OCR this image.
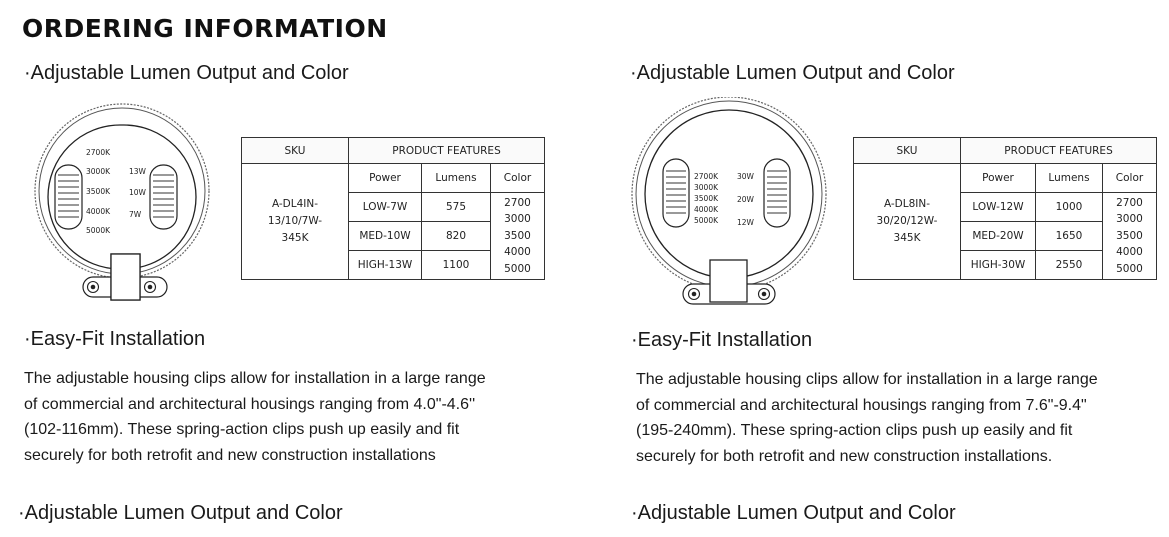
ORDERING INFORMATION
·Adjustable Lumen Output and Color
2700K
3000K
3500K
4000K
5000K
13W
10W
7W
SKU	PRODUCT FEATURES		

A-DL4IN-
13/10/7W-
345K	Power	Lumens	Color
	LOW-7W	575	2700
3000
3500
4000
5000

	MED-10W	820	
	HIGH-13W	1100	
·Easy-Fit Installation
The adjustable housing clips allow for installation in a large range
of commercial and architectural housings ranging from 4.0"-4.6''
(102-116mm). These spring-action clips push up easily and fit
securely for both retrofit and new construction installations
·Adjustable Lumen Output and Color
·Adjustable Lumen Output and Color
2700K
3000K
3500K
4000K
5000K
30W
20W
12W
SKU	PRODUCT FEATURES		

A-DL8IN-
30/20/12W-
345K	Power	Lumens	Color
	LOW-12W	1000	2700
3000
3500
4000
5000

	MED-20W	1650	
	HIGH-30W	2550	
·Easy-Fit Installation
The adjustable housing clips allow for installation in a large range
of commercial and architectural housings ranging from 7.6"-9.4"
(195-240mm). These spring-action clips push up easily and fit
securely for both retrofit and new construction installations.
·Adjustable Lumen Output and Color
